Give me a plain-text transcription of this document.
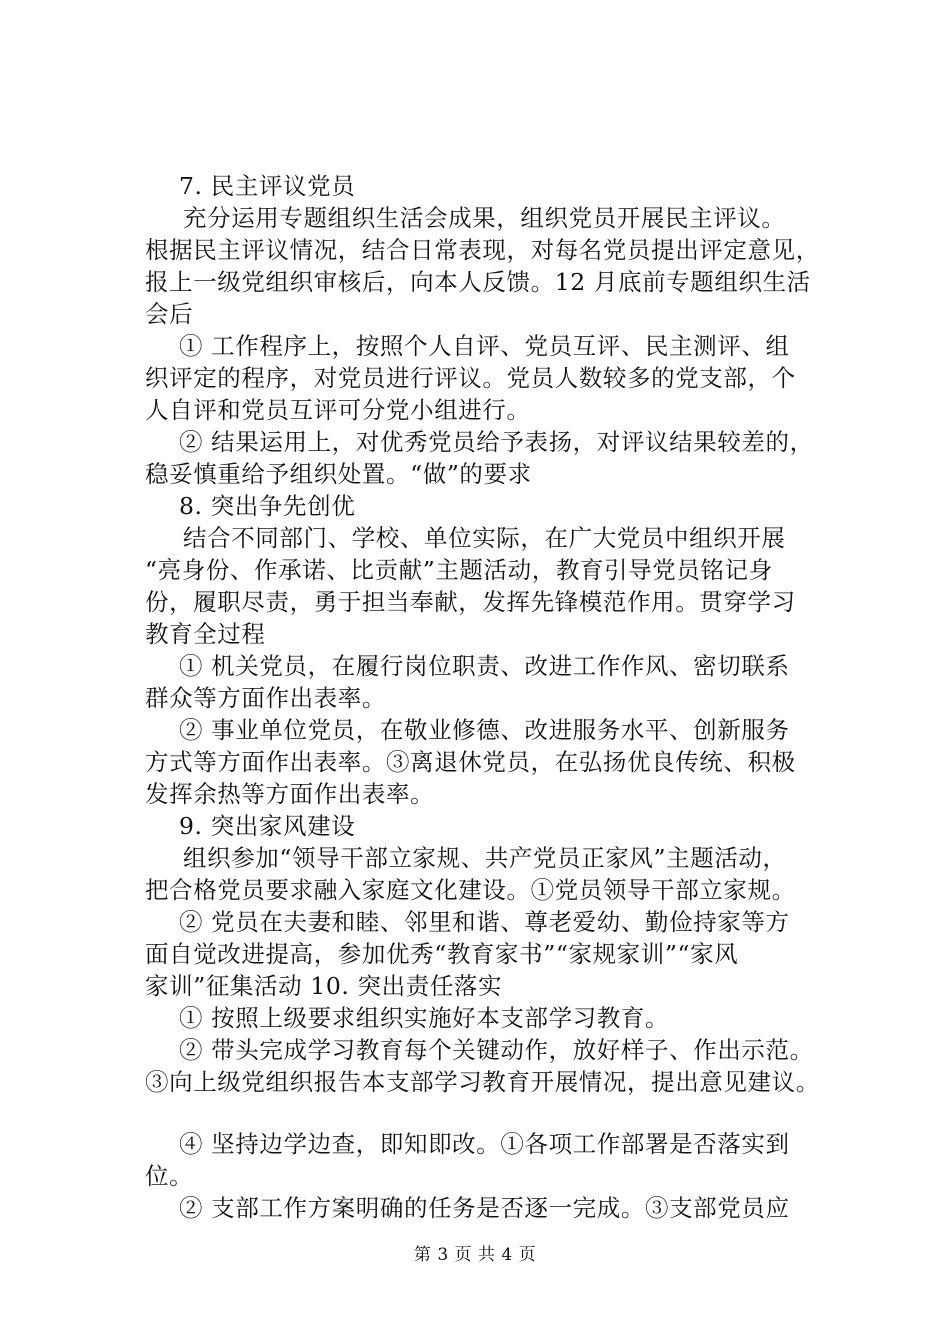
7. 民主评议党员
充分运用专题组织生活会成果，组织党员开展民主评议。
根据民主评议情况，结合日常表现，对每名党员提出评定意见，
报上一级党组织审核后，向本人反馈。12 月底前专题组织生活
会后
① 工作程序上，按照个人自评、党员互评、民主测评、组
织评定的程序，对党员进行评议。党员人数较多的党支部，个
人自评和党员互评可分党小组进行。
② 结果运用上，对优秀党员给予表扬，对评议结果较差的，
稳妥慎重给予组织处置。“做”的要求
8. 突出争先创优
结合不同部门、学校、单位实际，在广大党员中组织开展
“亮身份、作承诺、比贡献”主题活动，教育引导党员铭记身
份，履职尽责，勇于担当奉献，发挥先锋模范作用。贯穿学习
教育全过程
① 机关党员，在履行岗位职责、改进工作作风、密切联系
群众等方面作出表率。
② 事业单位党员，在敬业修德、改进服务水平、创新服务
方式等方面作出表率。③离退休党员，在弘扬优良传统、积极
发挥余热等方面作出表率。
9. 突出家风建设
组织参加“领导干部立家规、共产党员正家风”主题活动，
把合格党员要求融入家庭文化建设。①党员领导干部立家规。
② 党员在夫妻和睦、邻里和谐、尊老爱幼、勤俭持家等方
面自觉改进提高，参加优秀“教育家书”“家规家训”“家风
家训”征集活动 10. 突出责任落实
① 按照上级要求组织实施好本支部学习教育。
② 带头完成学习教育每个关键动作，放好样子、作出示范。
③向上级党组织报告本支部学习教育开展情况，提出意见建议。
④ 坚持边学边查，即知即改。①各项工作部署是否落实到
位。
② 支部工作方案明确的任务是否逐一完成。③支部党员应
第 3 页 共 4 页
